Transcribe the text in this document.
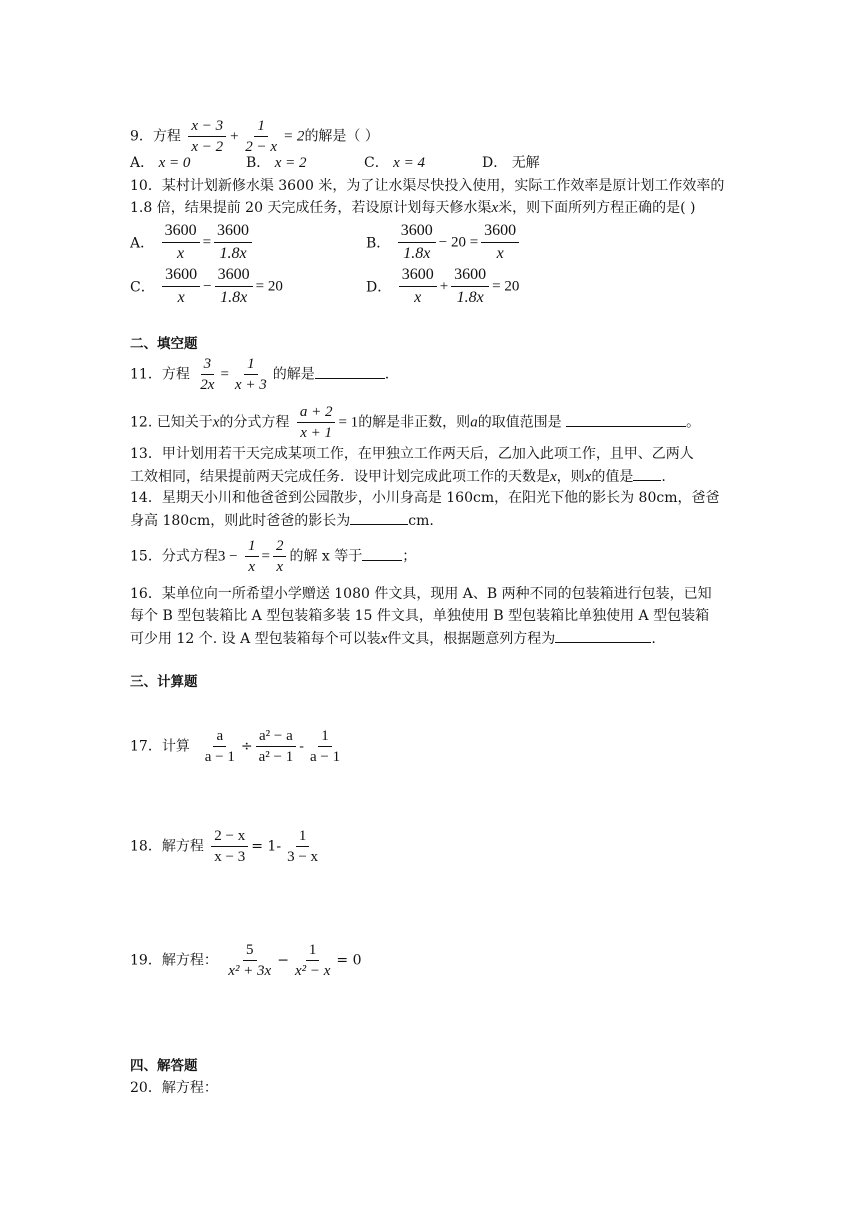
9．方程 $\frac{x - 3}{x - 2} + \frac{1}{2 - x} = 2$的解是（ ）
A． x = 0	B． x = 2	C． x = 4	D． 无解
10．某村计划新修水渠 3600 米，为了让水渠尽快投入使用，实际工作效率是原计划工作效率的
1.8 倍，结果提前 20 天完成任务，若设原计划每天修水渠x米，则下面所列方程正确的是( )
A． $\frac{3600}{x} = \frac{3600}{1.8x}$	B． $\frac{3600}{1.8x} - 20 = \frac{3600}{x}$
C． $\frac{3600}{x} - \frac{3600}{1.8x} = 20$	D． $\frac{3600}{x} + \frac{3600}{1.8x} = 20$
二、填空题
11．方程 $\frac{3}{2x} = \frac{1}{x + 3}$ 的解是	.
12. 已知关于x的分式方程 $\frac{a + 2}{x + 1} = 1$的解是非正数，则a的取值范围是	。
13．甲计划用若干天完成某项工作，在甲独立工作两天后，乙加入此项工作，且甲、乙两人
工效相同，结果提前两天完成任务．设甲计划完成此项工作的天数是x，则x的值是 .
14．星期天小川和他爸爸到公园散步，小川身高是 160cm，在阳光下他的影长为 80cm，爸爸
身高 180cm，则此时爸爸的影长为	cm.
15．分式方程$3 - \frac{1}{x} = \frac{2}{x}$ 的解 x 等于	；
16．某单位向一所希望小学赠送 1080 件文具，现用 A、B 两种不同的包装箱进行包装，已知
每个 B 型包装箱比 A 型包装箱多装 15 件文具，单独使用 B 型包装箱比单独使用 A 型包装箱
可少用 12 个. 设 A 型包装箱每个可以装x件文具，根据题意列方程为	.
三、计算题
17．计算 $\frac{a}{a - 1} \div \frac{\text{a² − a}}{\text{a² − 1}} - \frac{1}{a - 1}$
18．解方程 $\frac{2 - x}{x - 3} = 1- \frac{1}{3 - x}$
19．解方程： $\frac{5}{\text{x² + 3x}} - \frac{1}{\text{x² − x}} = 0$
四、解答题
20．解方程：
